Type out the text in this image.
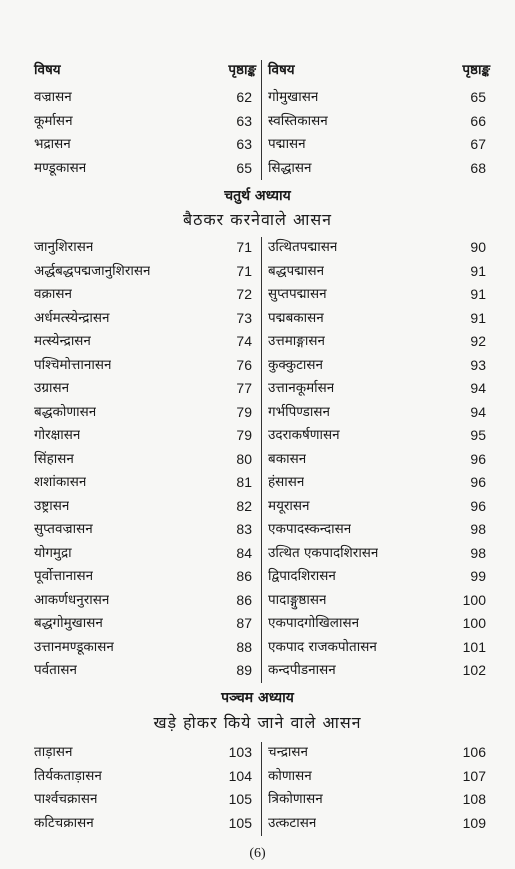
विषय	पृष्ठाङ्क विषय	पृष्ठाङ्क
वज्रासन	62
कूर्मासन	63
भद्रासन	63
मण्डूकासन	65
गोमुखासन	65
स्वस्तिकासन	66
पद्मासन	67
सिद्धासन	68
चतुर्थ अध्याय
बैठकर करनेवाले आसन
जानुशिरासन	71
अर्द्धबद्धपद्मजानुशिरासन	71
वक्रासन	72
अर्धमत्स्येन्द्रासन	73
मत्स्येन्द्रासन	74
पश्चिमोत्तानासन	76
उग्रासन	77
बद्धकोणासन	79
गोरक्षासन	79
सिंहासन	80
शशांकासन	81
उष्ट्रासन	82
सुप्तवज्रासन	83
योगमुद्रा	84
पूर्वोत्तानासन	86
आकर्णधनुरासन	86
बद्धगोमुखासन	87
उत्तानमण्डूकासन	88
पर्वतासन	89
उत्थितपद्मासन	90
बद्धपद्मासन	91
सुप्तपद्मासन	91
पद्मबकासन	91
उत्तमाङ्गासन	92
कुक्कुटासन	93
उत्तानकूर्मासन	94
गर्भपिण्डासन	94
उदराकर्षणासन	95
बकासन	96
हंसासन	96
मयूरासन	96
एकपादस्कन्दासन	98
उत्थित एकपादशिरासन	98
द्विपादशिरासन	99
पादाङ्गुष्ठासन	100
एकपादगोखिलासन	100
एकपाद राजकपोतासन	101
कन्दपीडनासन	102
पञ्चम अध्याय
खड़े होकर किये जाने वाले आसन
ताड़ासन	103
तिर्यकताड़ासन	104
पार्श्वचक्रासन	105
कटिचक्रासन	105
चन्द्रासन	106
कोणासन	107
त्रिकोणासन	108
उत्कटासन	109
(6)
